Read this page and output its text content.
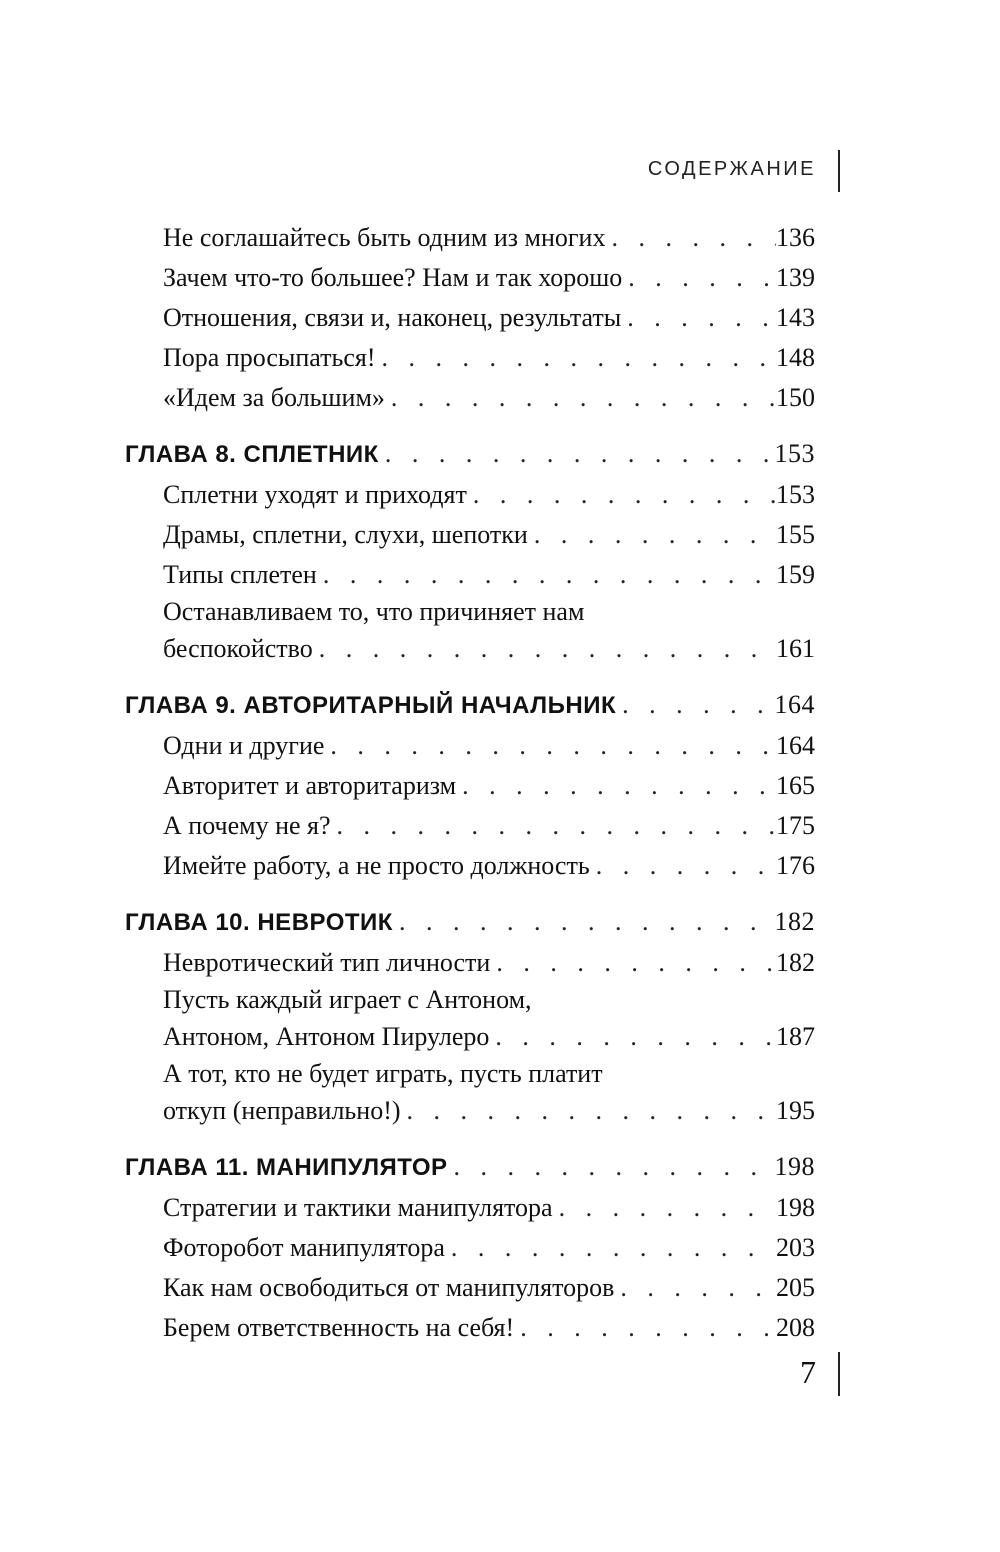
СОДЕРЖАНИЕ
Не соглашайтесь быть одним из многих . . .	136
Зачем что-то большее? Нам и так хорошо . . .	139
Отношения, связи и, наконец, результаты . . .	143
Пора просыпаться! . . .	148
«Идем за большим» . . .	150
ГЛАВА 8. СПЛЕТНИК . . .	153
Сплетни уходят и приходят . . .	153
Драмы, сплетни, слухи, шепотки . . .	155
Типы сплетен . . .	159
Останавливаем то, что причиняет нам
беспокойство . . .	161
ГЛАВА 9. АВТОРИТАРНЫЙ НАЧАЛЬНИК . . .	164
Одни и другие . . .	164
Авторитет и авторитаризм . . .	165
А почему не я? . . .	175
Имейте работу, а не просто должность . . .	176
ГЛАВА 10. НЕВРОТИК . . .	182
Невротический тип личности . . .	182
Пусть каждый играет с Антоном,
Антоном, Антоном Пирулеро . . .	187
А тот, кто не будет играть, пусть платит
откуп (неправильно!) . . .	195
ГЛАВА 11. МАНИПУЛЯТОР . . .	198
Стратегии и тактики манипулятора . . .	198
Фоторобот манипулятора . . .	203
Как нам освободиться от манипуляторов . . .	205
Берем ответственность на себя! . . .	208
7
